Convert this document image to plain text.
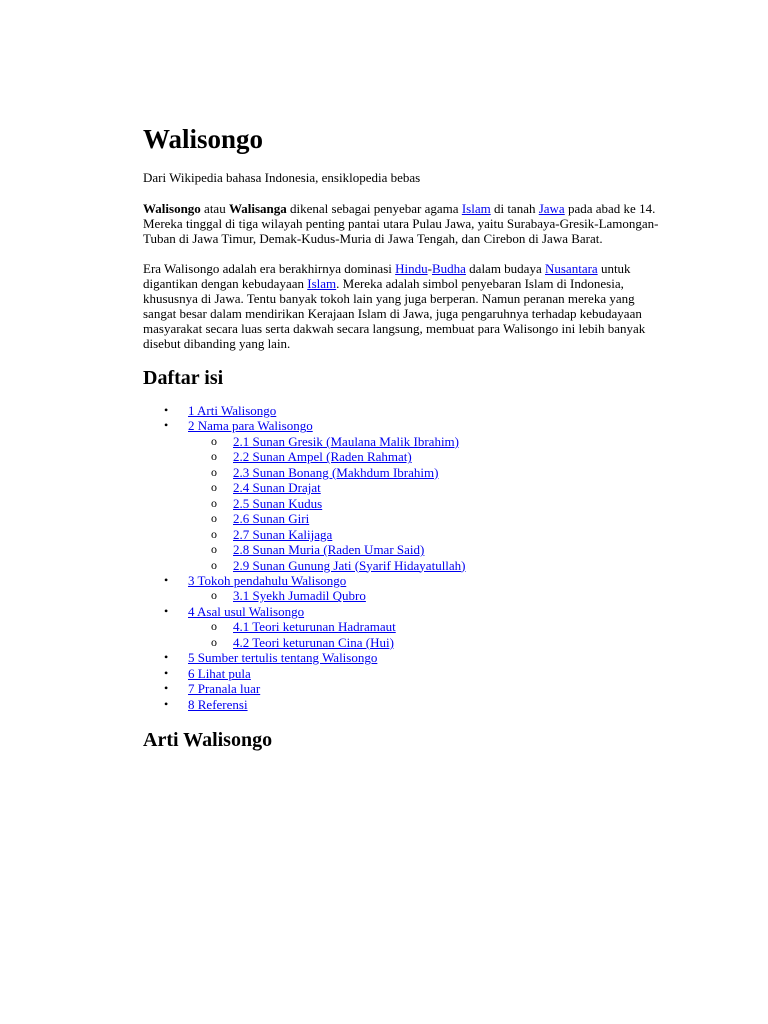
Walisongo
Dari Wikipedia bahasa Indonesia, ensiklopedia bebas

Walisongo atau Walisanga dikenal sebagai penyebar agama Islam di tanah Jawa pada abad ke 14. Mereka tinggal di tiga wilayah penting pantai utara Pulau Jawa, yaitu Surabaya-Gresik-Lamongan-Tuban di Jawa Timur, Demak-Kudus-Muria di Jawa Tengah, dan Cirebon di Jawa Barat.

Era Walisongo adalah era berakhirnya dominasi Hindu-Budha dalam budaya Nusantara untuk digantikan dengan kebudayaan Islam. Mereka adalah simbol penyebaran Islam di Indonesia, khususnya di Jawa. Tentu banyak tokoh lain yang juga berperan. Namun peranan mereka yang sangat besar dalam mendirikan Kerajaan Islam di Jawa, juga pengaruhnya terhadap kebudayaan masyarakat secara luas serta dakwah secara langsung, membuat para Walisongo ini lebih banyak disebut dibanding yang lain.

Daftar isi
• 1 Arti Walisongo
• 2 Nama para Walisongo
o 2.1 Sunan Gresik (Maulana Malik Ibrahim)
o 2.2 Sunan Ampel (Raden Rahmat)
o 2.3 Sunan Bonang (Makhdum Ibrahim)
o 2.4 Sunan Drajat
o 2.5 Sunan Kudus
o 2.6 Sunan Giri
o 2.7 Sunan Kalijaga
o 2.8 Sunan Muria (Raden Umar Said)
o 2.9 Sunan Gunung Jati (Syarif Hidayatullah)
• 3 Tokoh pendahulu Walisongo
o 3.1 Syekh Jumadil Qubro
• 4 Asal usul Walisongo
o 4.1 Teori keturunan Hadramaut
o 4.2 Teori keturunan Cina (Hui)
• 5 Sumber tertulis tentang Walisongo
• 6 Lihat pula
• 7 Pranala luar
• 8 Referensi
Arti Walisongo
